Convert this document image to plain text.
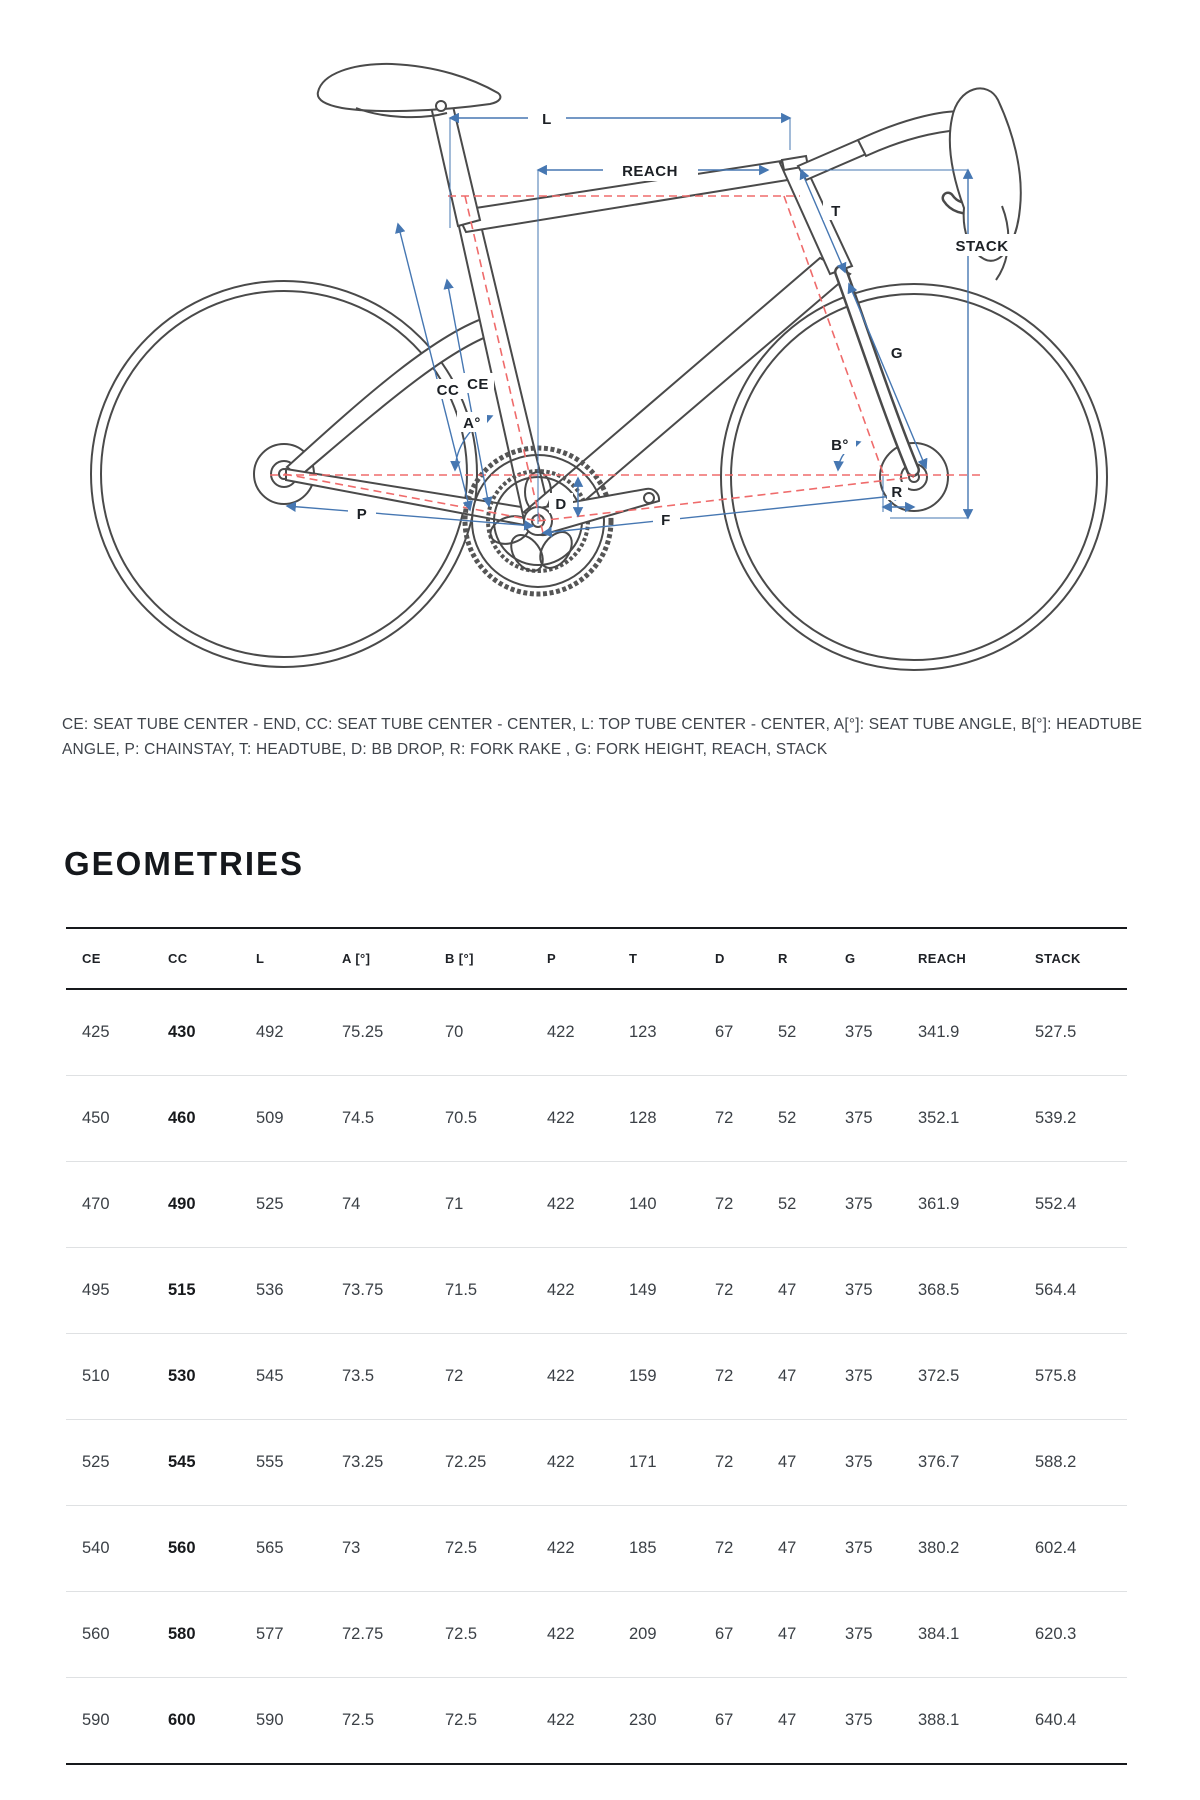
L
REACH
STACK
T
G
CC CE
A°
B°
P	F
D
R
CE: SEAT TUBE CENTER - END, CC: SEAT TUBE CENTER - CENTER, L: TOP TUBE CENTER - CENTER, A[°]: SEAT TUBE ANGLE, B[°]: HEADTUBE
ANGLE, P: CHAINSTAY, T: HEADTUBE, D: BB DROP, R: FORK RAKE , G: FORK HEIGHT, REACH, STACK
GEOMETRIES
CE	CC	L	A [°]	B [°]	P	T	D	R	G	REACH	STACK
425	430	492	75.25	70	422	123	67	52	375	341.9	527.5
450	460	509	74.5	70.5	422	128	72	52	375	352.1	539.2
470	490	525	74	71	422	140	72	52	375	361.9	552.4
495	515	536	73.75	71.5	422	149	72	47	375	368.5	564.4
510	530	545	73.5	72	422	159	72	47	375	372.5	575.8
525	545	555	73.25	72.25	422	171	72	47	375	376.7	588.2
540	560	565	73	72.5	422	185	72	47	375	380.2	602.4
560	580	577	72.75	72.5	422	209	67	47	375	384.1	620.3
590	600	590	72.5	72.5	422	230	67	47	375	388.1	640.4
